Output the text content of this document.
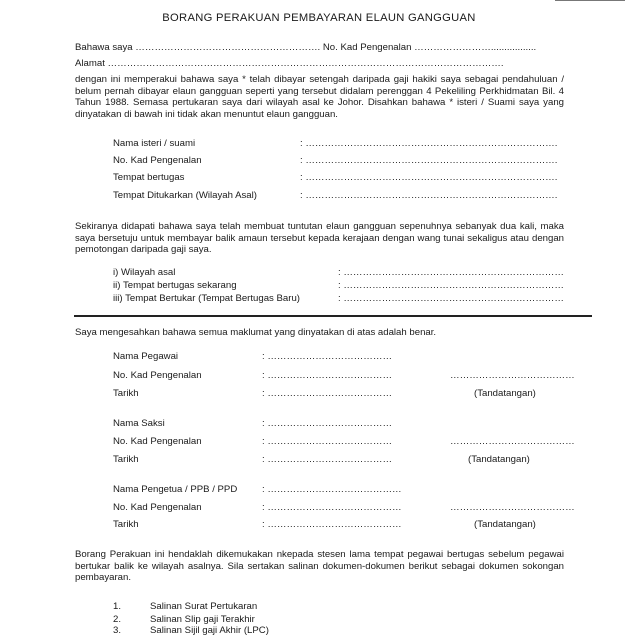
BORANG PERAKUAN PEMBAYARAN ELAUN GANGGUAN
Bahawa saya …………………………………………………. No. Kad Pengenalan …………………….................
Alamat …………………………………………………………………………………………………………….
dengan ini memperakui bahawa saya * telah dibayar setengah daripada gaji hakiki saya sebagai pendahuluan / belum pernah dibayar elaun gangguan seperti yang tersebut didalam perenggan 4 Pekeliling Perkhidmatan Bil. 4 Tahun 1988. Semasa pertukaran saya dari wilayah asal ke Johor. Disahkan bahawa * isteri / Suami saya yang dinyatakan di bawah ini tidak akan menuntut elaun gangguan.
Nama isteri / suami	: …………………………………………………………………….
No. Kad Pengenalan	: …………………………………………………………………….
Tempat bertugas	: …………………………………………………………………….
Tempat Ditukarkan (Wilayah Asal)	: …………………………………………………………………….
Sekiranya didapati bahawa saya telah membuat tuntutan elaun gangguan sepenuhnya sebanyak dua kali, maka saya bersetuju untuk membayar balik amaun tersebut kepada kerajaan dengan wang tunai sekaligus atau dengan pemotongan daripada gaji saya.
i) Wilayah asal	: ……………………………………………………………
ii) Tempat bertugas sekarang	: ……………………………………………………………
iii) Tempat Bertukar (Tempat Bertugas Baru)	: ……………………………………………………………
Saya mengesahkan bahawa semua maklumat yang dinyatakan di atas adalah benar.
Nama Pegawai	: …………………………………
No. Kad Pengenalan	: …………………………………	…………………………………
Tarikh	: …………………………………	(Tandatangan)
Nama Saksi	: …………………………………
No. Kad Pengenalan	: …………………………………	…………………………………
Tarikh	: …………………………………	(Tandatangan)
Nama Pengetua / PPB / PPD	: ……………………………………
No. Kad Pengenalan	: ……………………………………	…………………………………
Tarikh	: ……………………………………	(Tandatangan)
Borang Perakuan ini hendaklah dikemukakan nkepada stesen lama tempat pegawai bertugas sebelum pegawai bertukar balik ke wilayah asalnya. Sila sertakan salinan dokumen-dokumen berikut sebagai dokumen sokongan pembayaran.
1.	Salinan Surat Pertukaran
2.	Salinan Slip gaji Terakhir
3.	Salinan Sijil gaji Akhir (LPC)
